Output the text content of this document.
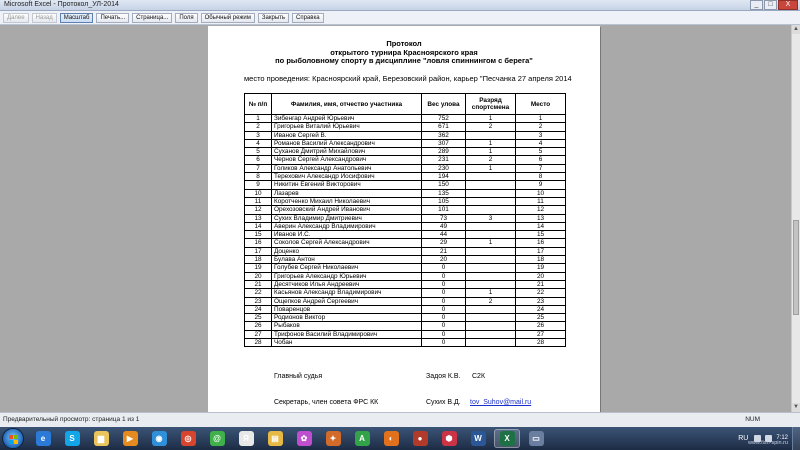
Microsoft Excel - Протокол_УЛ-2014	_	□	X
Далее	Назад	Масштаб	Печать...	Страница...	Поля	Обычный режим	Закрыть	Справка
▲
▼
Протокол
открытого турнира Красноярского края
по рыболовному спорту в дисциплине "ловля спиннингом с берега"
место проведения: Красноярский край, Березовский район, карьер "Песчанка 27 апреля 2014
№ п/п	Фамилия, имя, отчество участника	Вес улова	Разряд спортсмена	Место
1	Зибенгар Андрей Юрьевич	752	1	1
2	Григорьев Виталий Юрьевич	671	2	2
3	Иванов Сергей В.	362		3
4	Романов Василий Александрович	307	1	4
5	Суханов Дмитрий Михайлович	289	1	5
6	Чернов Сергей Александрович	231	2	6
7	Голиков Александр Анатольевич	230	1	7
8	Терехович Александр Иосифович	194		8
9	Никитин Евгений Викторович	150		9
10	Лазарев	135		10
11	Коротченко Михаил Николаевич	105		11
12	Орехозовский Андрей Иванович	101		12
13	Сухих Владимир Дмитриевич	73	3	13
14	Аверин Александр Владимирович	49		14
15	Иванов И.С.	44		15
16	Соколов Сергей Александрович	29	1	16
17	Доценко	21		17
18	Булава Антон	20		18
19	Голубев Сергей Николаевич	0		19
20	Григорьев Александр Юрьевич	0		20
21	Десятчиков Илья Андреевич	0		21
22	Касьянов Александр Владимирович	0	1	22
23	Ощепков Андрей Сергеевич	0	2	23
24	Поваренцов	0		24
25	Родионов Виктор	0		25
26	Рыбаков	0		26
27	Трифонов Василий Владимирович	0		27
28	Чобан	0		28
Главный судья	Задоя К.В. С2К
Секретарь, член совета ФРС КК	Сухих В.Д. tov_Suhov@mail.ru
Предварительный просмотр: страница 1 из 1	NUM
e	S	▆	▶	◉	◎	@	Я	▤	✿	✦	A	◐	●	⬢	W	X	▭	RU	7:12
www.fish-spin.ru
